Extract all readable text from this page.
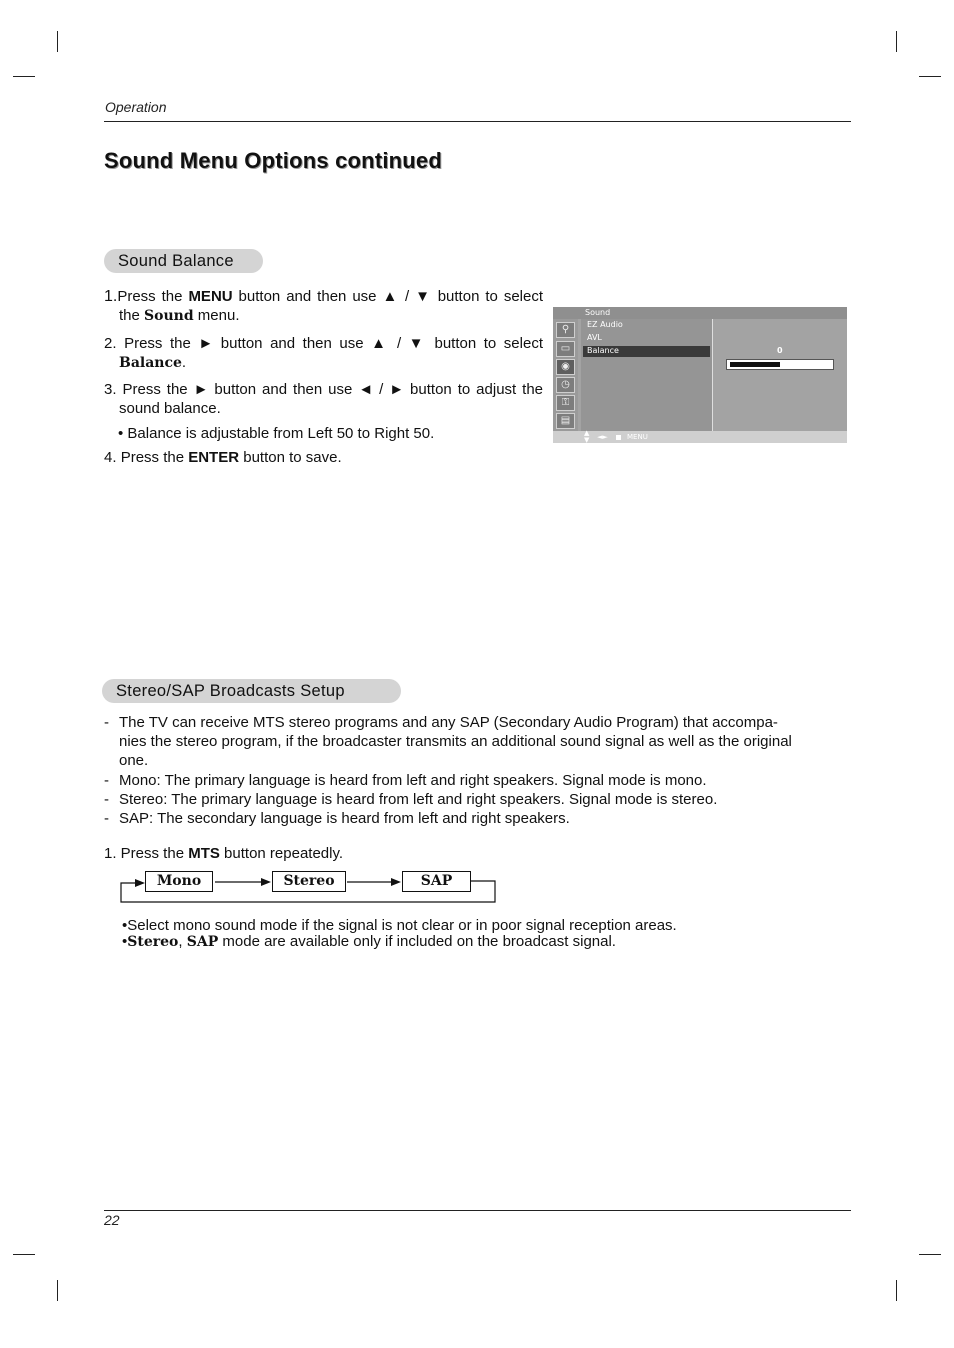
Operation
Sound Menu Options continued
Sound Balance
1.Press the MENU button and then use ▲ / ▼ button to select
the Sound menu.
2. Press the ► button and then use ▲ / ▼ button to select
Balance.
3. Press the ► button and then use ◄ / ► button to adjust the
sound balance.
• Balance is adjustable from Left 50 to Right 50.
4. Press the ENTER button to save.
Sound
⚲
▭
◉
◷
⚿
▤
EZ Audio
AVL
Balance	0
▲
▼ ◄►	MENU
Stereo/SAP Broadcasts Setup
- The TV can receive MTS stereo programs and any SAP (Secondary Audio Program) that accompa-
nies the stereo program, if the broadcaster transmits an additional sound signal as well as the original
one.
- Mono: The primary language is heard from left and right speakers. Signal mode is mono.
- Stereo: The primary language is heard from left and right speakers. Signal mode is stereo.
- SAP: The secondary language is heard from left and right speakers.
1. Press the MTS button repeatedly.
Mono	Stereo	SAP
•Select mono sound mode if the signal is not clear or in poor signal reception areas.
•Stereo, SAP mode are available only if included on the broadcast signal.
22
